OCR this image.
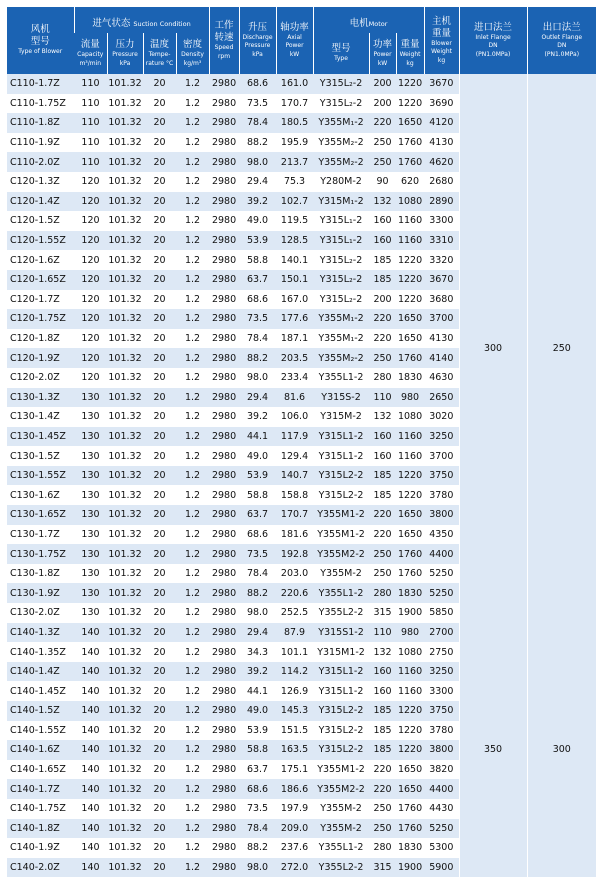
风机
型号
Type of Blower	进气状态 Suction Condition				工作
转速
Speed
rpm	升压
Discharge
Pressure
kPa	轴功率
Axial
Power
kW	电机Motor			主机
重量
Blower
Weight
kg	进口法兰
Inlet Flange
DN
(PN1.0MPa)	出口法兰
Outlet Flange
DN
(PN1.0MPa)

	流量
Capacity
m³/min	压力
Pressure
kPa	温度
Tempe-
rature °C	密度
Density
kg/m³				型号
Type	功率
Power
kW	重量
Weight
kg			

C110-1.7Z	110	101.32	20	1.2	2980	68.6	161.0	Y315L₂-2	200	1220	3670	300	250
C110-1.75Z	110	101.32	20	1.2	2980	73.5	170.7	Y315L₂-2	200	1220	3690		
C110-1.8Z	110	101.32	20	1.2	2980	78.4	180.5	Y355M₁-2	220	1650	4120		
C110-1.9Z	110	101.32	20	1.2	2980	88.2	195.9	Y355M₂-2	250	1760	4130		
C110-2.0Z	110	101.32	20	1.2	2980	98.0	213.7	Y355M₂-2	250	1760	4620		
C120-1.3Z	120	101.32	20	1.2	2980	29.4	75.3	Y280M-2	90	620	2680		
C120-1.4Z	120	101.32	20	1.2	2980	39.2	102.7	Y315M₁-2	132	1080	2890		
C120-1.5Z	120	101.32	20	1.2	2980	49.0	119.5	Y315L₁-2	160	1160	3300		
C120-1.55Z	120	101.32	20	1.2	2980	53.9	128.5	Y315L₁-2	160	1160	3310		
C120-1.6Z	120	101.32	20	1.2	2980	58.8	140.1	Y315L₂-2	185	1220	3320		
C120-1.65Z	120	101.32	20	1.2	2980	63.7	150.1	Y315L₂-2	185	1220	3670		
C120-1.7Z	120	101.32	20	1.2	2980	68.6	167.0	Y315L₂-2	200	1220	3680		
C120-1.75Z	120	101.32	20	1.2	2980	73.5	177.6	Y355M₁-2	220	1650	3700		
C120-1.8Z	120	101.32	20	1.2	2980	78.4	187.1	Y355M₁-2	220	1650	4130		
C120-1.9Z	120	101.32	20	1.2	2980	88.2	203.5	Y355M₂-2	250	1760	4140		
C120-2.0Z	120	101.32	20	1.2	2980	98.0	233.4	Y355L1-2	280	1830	4630		
C130-1.3Z	130	101.32	20	1.2	2980	29.4	81.6	Y315S-2	110	980	2650		
C130-1.4Z	130	101.32	20	1.2	2980	39.2	106.0	Y315M-2	132	1080	3020		
C130-1.45Z	130	101.32	20	1.2	2980	44.1	117.9	Y315L1-2	160	1160	3250		
C130-1.5Z	130	101.32	20	1.2	2980	49.0	129.4	Y315L1-2	160	1160	3700		
C130-1.55Z	130	101.32	20	1.2	2980	53.9	140.7	Y315L2-2	185	1220	3750		
C130-1.6Z	130	101.32	20	1.2	2980	58.8	158.8	Y315L2-2	185	1220	3780		
C130-1.65Z	130	101.32	20	1.2	2980	63.7	170.7	Y355M1-2	220	1650	3800		
C130-1.7Z	130	101.32	20	1.2	2980	68.6	181.6	Y355M1-2	220	1650	4350		
C130-1.75Z	130	101.32	20	1.2	2980	73.5	192.8	Y355M2-2	250	1760	4400		
C130-1.8Z	130	101.32	20	1.2	2980	78.4	203.0	Y355M-2	250	1760	5250		
C130-1.9Z	130	101.32	20	1.2	2980	88.2	220.6	Y355L1-2	280	1830	5250		
C130-2.0Z	130	101.32	20	1.2	2980	98.0	252.5	Y355L2-2	315	1900	5850		
C140-1.3Z	140	101.32	20	1.2	2980	29.4	87.9	Y315S1-2	110	980	2700	350	300
C140-1.35Z	140	101.32	20	1.2	2980	34.3	101.1	Y315M1-2	132	1080	2750		
C140-1.4Z	140	101.32	20	1.2	2980	39.2	114.2	Y315L1-2	160	1160	3250		
C140-1.45Z	140	101.32	20	1.2	2980	44.1	126.9	Y315L1-2	160	1160	3300		
C140-1.5Z	140	101.32	20	1.2	2980	49.0	145.3	Y315L2-2	185	1220	3750		
C140-1.55Z	140	101.32	20	1.2	2980	53.9	151.5	Y315L2-2	185	1220	3780		
C140-1.6Z	140	101.32	20	1.2	2980	58.8	163.5	Y315L2-2	185	1220	3800		
C140-1.65Z	140	101.32	20	1.2	2980	63.7	175.1	Y355M1-2	220	1650	3820		
C140-1.7Z	140	101.32	20	1.2	2980	68.6	186.6	Y355M2-2	220	1650	4400		
C140-1.75Z	140	101.32	20	1.2	2980	73.5	197.9	Y355M-2	250	1760	4430		
C140-1.8Z	140	101.32	20	1.2	2980	78.4	209.0	Y355M-2	250	1760	5250		
C140-1.9Z	140	101.32	20	1.2	2980	88.2	237.6	Y355L1-2	280	1830	5300		
C140-2.0Z	140	101.32	20	1.2	2980	98.0	272.0	Y355L2-2	315	1900	5900		
